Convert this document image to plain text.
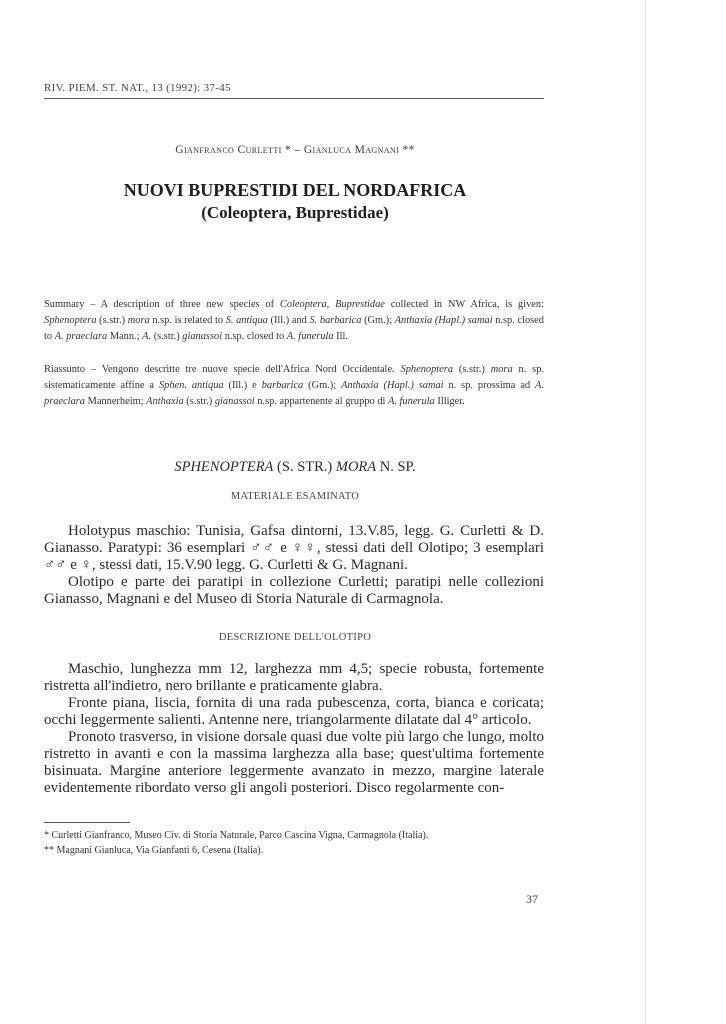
RIV. PIEM. ST. NAT., 13 (1992): 37-45
Gianfranco Curletti * – Gianluca Magnani **
NUOVI BUPRESTIDI DEL NORDAFRICA
(Coleoptera, Buprestidae)
Summary – A description of three new species of Coleoptera, Buprestidae collected in NW Africa, is given: Sphenoptera (s.str.) mora n.sp. is related to S. antiqua (Ill.) and S. barbarica (Gm.); Anthaxia (Hapl.) samai n.sp. closed to A. praeclara Mann.; A. (s.str.) gianassoi n.sp. closed to A. funerula Ill.
Riassunto – Vengono descritte tre nuove specie dell'Africa Nord Occidentale. Sphenoptera (s.str.) mora n. sp. sistematicamente affine a Sphen. antiqua (Ill.) e barbarica (Gm.); Anthaxia (Hapl.) samai n. sp. prossima ad A. praeclara Mannerheim; Anthaxia (s.str.) gianassoi n.sp. appartenente al gruppo di A. funerula Illiger.
SPHENOPTERA (S. STR.) MORA N. SP.
MATERIALE ESAMINATO

Holotypus maschio: Tunisia, Gafsa dintorni, 13.V.85, legg. G. Curletti & D. Gianasso. Paratypi: 36 esemplari ♂♂ e ♀♀, stessi dati dell Olotipo; 3 esemplari ♂♂ e ♀, stessi dati, 15.V.90 legg. G. Curletti & G. Magnani.

Olotipo e parte dei paratipi in collezione Curletti; paratipi nelle collezioni Gianasso, Magnani e del Museo di Storia Naturale di Carmagnola.

DESCRIZIONE DELL'OLOTIPO

Maschio, lunghezza mm 12, larghezza mm 4,5; specie robusta, fortemente ristretta all'indietro, nero brillante e praticamente glabra.

Fronte piana, liscia, fornita di una rada pubescenza, corta, bianca e coricata; occhi leggermente salienti. Antenne nere, triangolarmente dilatate dal 4° articolo.

Pronoto trasverso, in visione dorsale quasi due volte più largo che lungo, molto ristretto in avanti e con la massima larghezza alla base; quest'ultima fortemente bisinuata. Margine anteriore leggermente avanzato in mezzo, margine laterale evidentemente ribordato verso gli angoli posteriori. Disco regolarmente con-

* Curletti Gianfranco, Museo Civ. di Storia Naturale, Parco Cascina Vigna, Carmagnola (Italia).
** Magnani Gianluca, Via Gianfanti 6, Cesena (Italia).
37
